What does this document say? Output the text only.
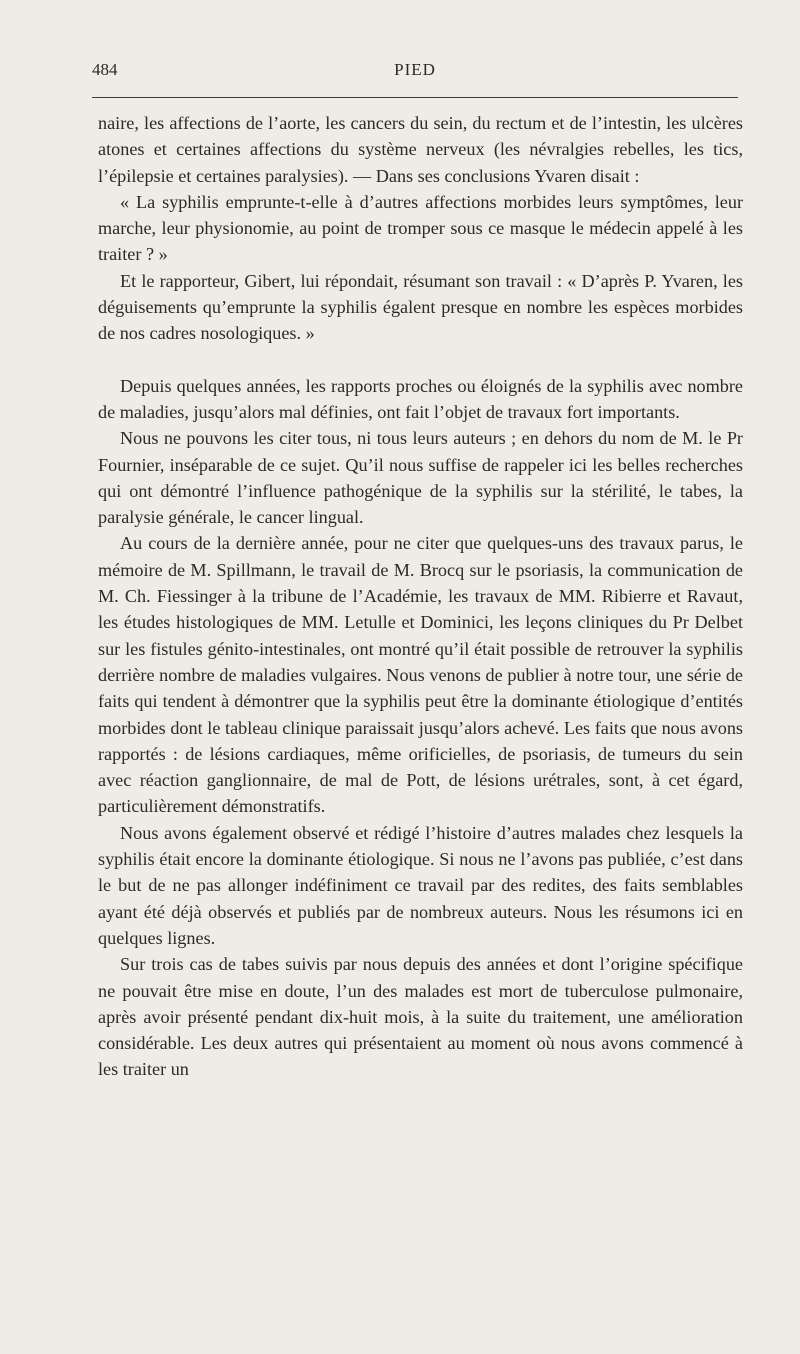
484	PIED

naire, les affections de l’aorte, les cancers du sein, du rectum et de l’intestin, les ulcères atones et certaines affections du système nerveux (les névralgies rebelles, les tics, l’épilepsie et certaines paralysies). — Dans ses conclusions Yvaren disait :

« La syphilis emprunte-t-elle à d’autres affections morbides leurs symptômes, leur marche, leur physionomie, au point de tromper sous ce masque le médecin appelé à les traiter ? »

Et le rapporteur, Gibert, lui répondait, résumant son travail : « D’après P. Yvaren, les déguisements qu’emprunte la syphilis égalent presque en nombre les espèces morbides de nos cadres nosologiques. »

Depuis quelques années, les rapports proches ou éloignés de la syphilis avec nombre de maladies, jusqu’alors mal définies, ont fait l’objet de travaux fort importants.

Nous ne pouvons les citer tous, ni tous leurs auteurs ; en dehors du nom de M. le Pr Fournier, inséparable de ce sujet. Qu’il nous suffise de rappeler ici les belles recherches qui ont démontré l’influence pathogénique de la syphilis sur la stérilité, le tabes, la paralysie générale, le cancer lingual.

Au cours de la dernière année, pour ne citer que quelques-uns des travaux parus, le mémoire de M. Spillmann, le travail de M. Brocq sur le psoriasis, la communication de M. Ch. Fiessinger à la tribune de l’Académie, les travaux de MM. Ribierre et Ravaut, les études histologiques de MM. Letulle et Dominici, les leçons cliniques du Pr Delbet sur les fistules génito-intestinales, ont montré qu’il était possible de retrouver la syphilis derrière nombre de maladies vulgaires. Nous venons de publier à notre tour, une série de faits qui tendent à démontrer que la syphilis peut être la dominante étiologique d’entités morbides dont le tableau clinique paraissait jusqu’alors achevé. Les faits que nous avons rapportés : de lésions cardiaques, même orificielles, de psoriasis, de tumeurs du sein avec réaction ganglionnaire, de mal de Pott, de lésions urétrales, sont, à cet égard, particulièrement démonstratifs.

Nous avons également observé et rédigé l’histoire d’autres malades chez lesquels la syphilis était encore la dominante étiologique. Si nous ne l’avons pas publiée, c’est dans le but de ne pas allonger indéfiniment ce travail par des redites, des faits semblables ayant été déjà observés et publiés par de nombreux auteurs. Nous les résumons ici en quelques lignes.

Sur trois cas de tabes suivis par nous depuis des années et dont l’origine spécifique ne pouvait être mise en doute, l’un des malades est mort de tuberculose pulmonaire, après avoir présenté pendant dix-huit mois, à la suite du traitement, une amélioration considérable. Les deux autres qui présentaient au moment où nous avons commencé à les traiter un
